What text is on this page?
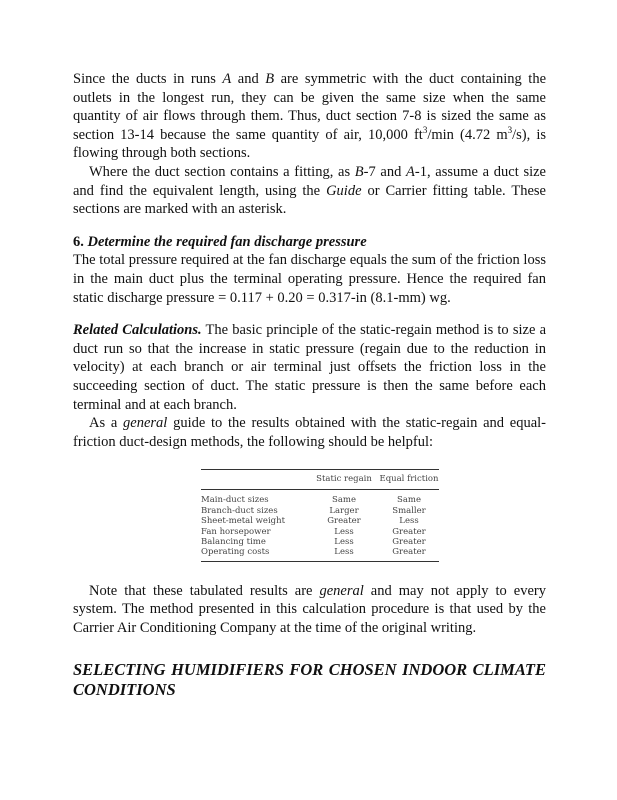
Since the ducts in runs A and B are symmetric with the duct containing the outlets in the longest run, they can be given the same size when the same quantity of air flows through them. Thus, duct section 7-8 is sized the same as section 13-14 because the same quantity of air, 10,000 $ft^3/\min$ (4.72 $m^3/s$), is flowing through both sections.

Where the duct section contains a fitting, as B-7 and A-1, assume a duct size and find the equivalent length, using the Guide or Carrier fitting table. These sections are marked with an asterisk.

6. Determine the required fan discharge pressure

The total pressure required at the fan discharge equals the sum of the friction loss in the main duct plus the terminal operating pressure. Hence the required fan static discharge pressure = 0.117 + 0.20 = 0.317-in (8.1-mm) wg.

Related Calculations. The basic principle of the static-regain method is to size a duct run so that the increase in static pressure (regain due to the reduction in velocity) at each branch or air terminal just offsets the friction loss in the succeeding section of duct. The static pressure is then the same before each terminal and at each branch.

As a general guide to the results obtained with the static-regain and equal-friction duct-design methods, the following should be helpful:

	Static regain	Equal friction
Main-duct sizes	Same	Same
Branch-duct sizes	Larger	Smaller
Sheet-metal weight	Greater	Less
Fan horsepower	Less	Greater
Balancing time	Less	Greater
Operating costs	Less	Greater

Note that these tabulated results are general and may not apply to every system. The method presented in this calculation procedure is that used by the Carrier Air Conditioning Company at the time of the original writing.

SELECTING HUMIDIFIERS FOR CHOSEN INDOOR CLIMATE CONDITIONS
